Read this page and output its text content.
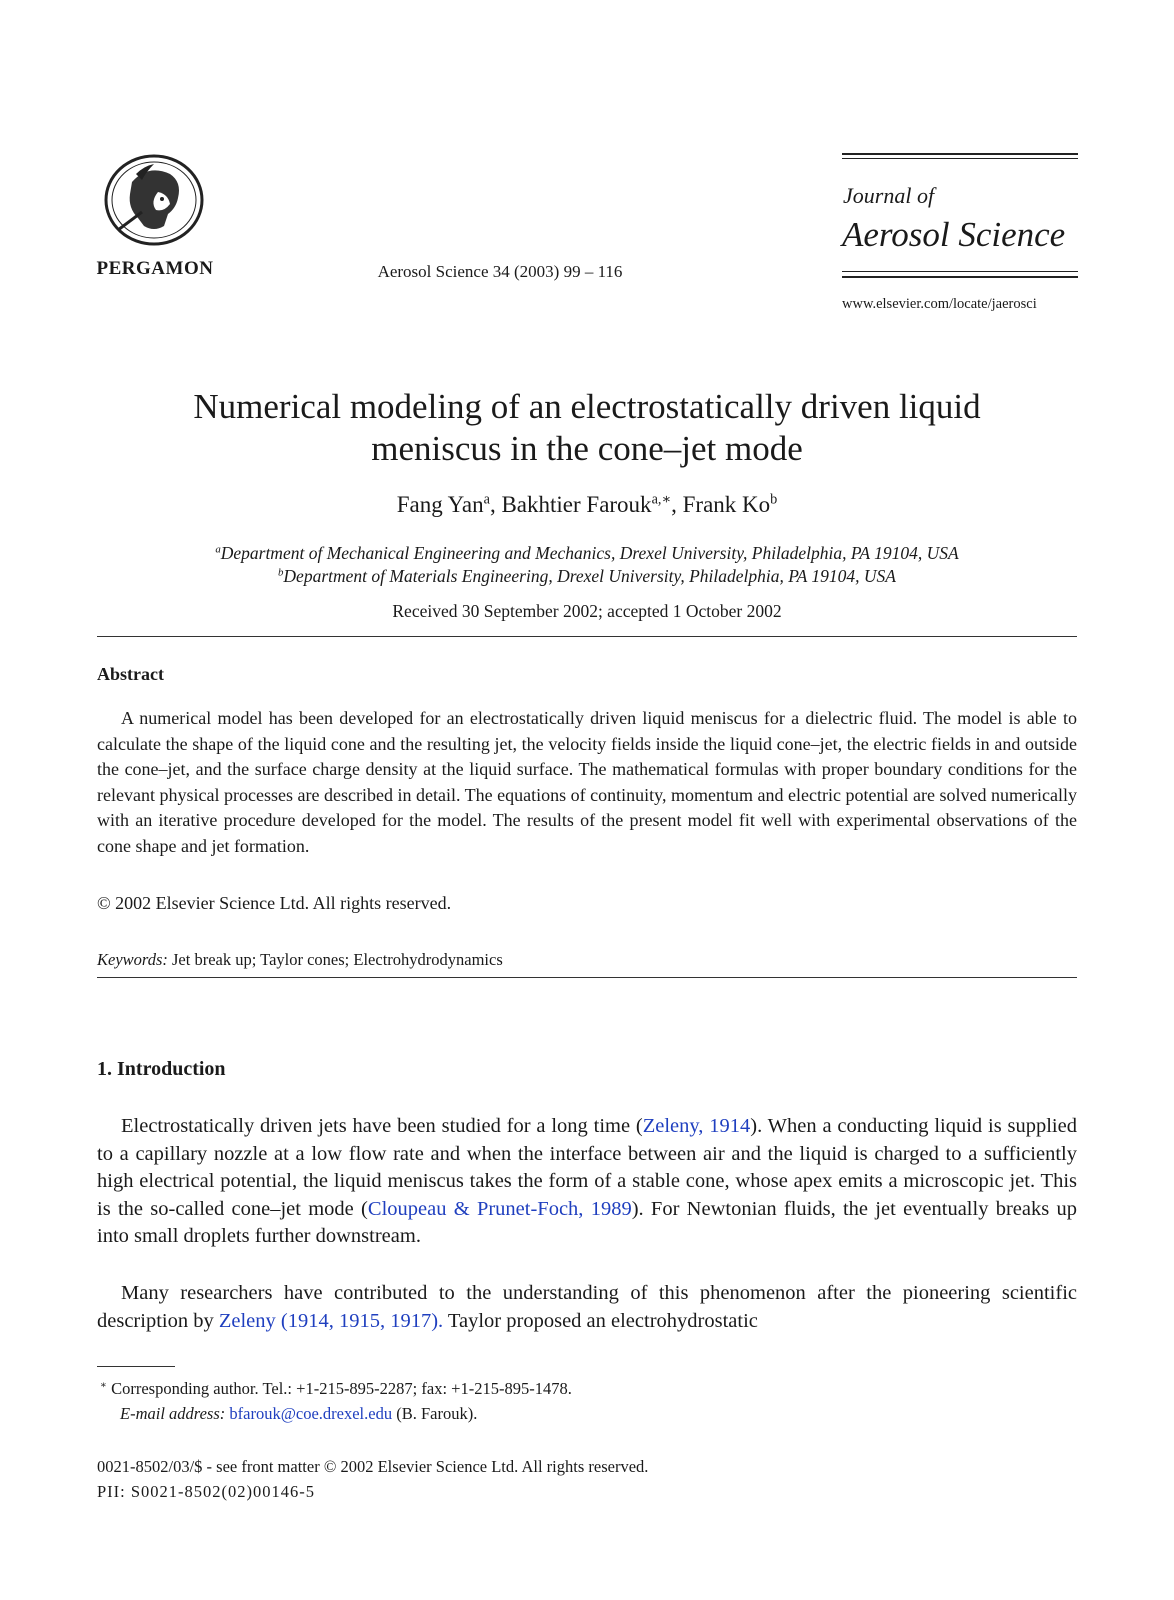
PERGAMON	Aerosol Science 34 (2003) 99 – 116
Journal of
Aerosol Science
www.elsevier.com/locate/jaerosci
Numerical modeling of an electrostatically driven liquid
meniscus in the cone–jet mode
Fang Yan$^a$, Bakhtier Farouk$^{a,∗}$, Frank Ko$^b$
$^a$Department of Mechanical Engineering and Mechanics, Drexel University, Philadelphia, PA 19104, USA
$^b$Department of Materials Engineering, Drexel University, Philadelphia, PA 19104, USA
Received 30 September 2002; accepted 1 October 2002
Abstract
A numerical model has been developed for an electrostatically driven liquid meniscus for a dielectric fluid. The model is able to calculate the shape of the liquid cone and the resulting jet, the velocity fields inside the liquid cone–jet, the electric fields in and outside the cone–jet, and the surface charge density at the liquid surface. The mathematical formulas with proper boundary conditions for the relevant physical processes are described in detail. The equations of continuity, momentum and electric potential are solved numerically with an iterative procedure developed for the model. The results of the present model fit well with experimental observations of the cone shape and jet formation.
© 2002 Elsevier Science Ltd. All rights reserved.
Keywords: Jet break up; Taylor cones; Electrohydrodynamics
1. Introduction
Electrostatically driven jets have been studied for a long time (Zeleny, 1914). When a conducting liquid is supplied to a capillary nozzle at a low flow rate and when the interface between air and the liquid is charged to a sufficiently high electrical potential, the liquid meniscus takes the form of a stable cone, whose apex emits a microscopic jet. This is the so-called cone–jet mode (Cloupeau & Prunet-Foch, 1989). For Newtonian fluids, the jet eventually breaks up into small droplets further downstream.
Many researchers have contributed to the understanding of this phenomenon after the pioneering scientific description by Zeleny (1914, 1915, 1917). Taylor proposed an electrohydrostatic
∗ Corresponding author. Tel.: +1-215-895-2287; fax: +1-215-895-1478.
E-mail address: bfarouk@coe.drexel.edu (B. Farouk).
0021-8502/03/$ - see front matter © 2002 Elsevier Science Ltd. All rights reserved.
PII: S0021-8502(02)00146-5
